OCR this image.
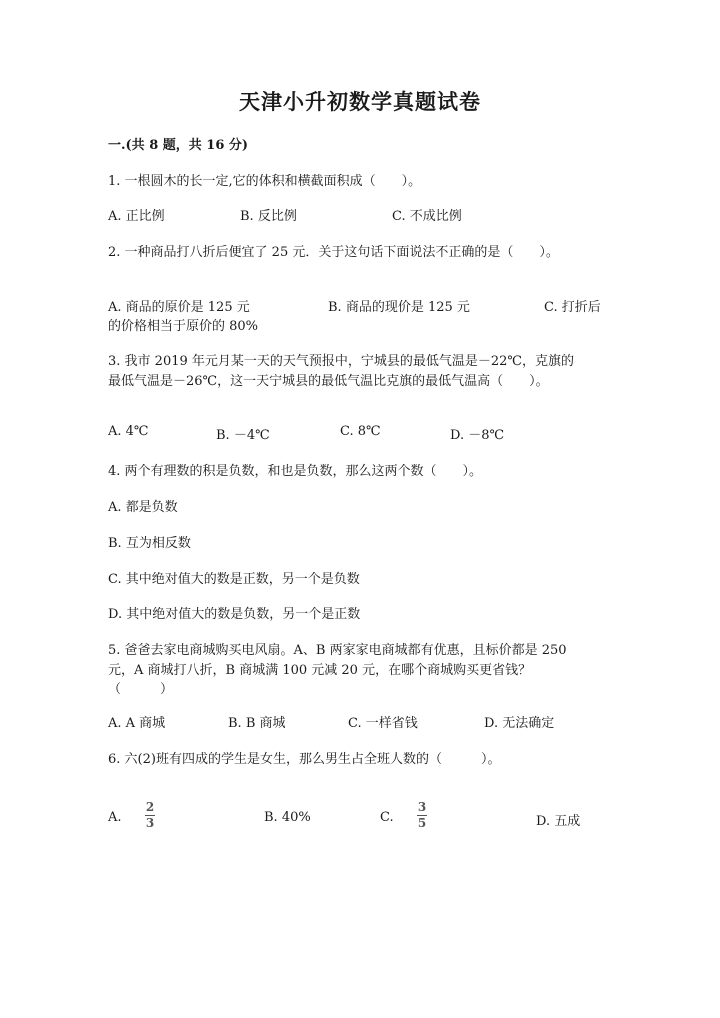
天津小升初数学真题试卷
一.(共 8 题，共 16 分)
1. 一根圆木的长一定,它的体积和横截面积成（　　）。
A. 正比例	B. 反比例	C. 不成比例
2. 一种商品打八折后便宜了 25 元．关于这句话下面说法不正确的是（　　）。
A. 商品的原价是 125 元	B. 商品的现价是 125 元	C. 打折后
的价格相当于原价的 80%
3. 我市 2019 年元月某一天的天气预报中，宁城县的最低气温是－22℃，克旗的
最低气温是－26℃，这一天宁城县的最低气温比克旗的最低气温高（　　）。
A. 4℃	B. －4℃	C. 8℃	D. －8℃
4. 两个有理数的积是负数，和也是负数，那么这两个数（　　）。
A. 都是负数
B. 互为相反数
C. 其中绝对值大的数是正数，另一个是负数
D. 其中绝对值大的数是负数，另一个是正数
5. 爸爸去家电商城购买电风扇。A、B 两家家电商城都有优惠，且标价都是 250
元，A 商城打八折，B 商城满 100 元减 20 元，在哪个商城购买更省钱？
（　　　）
A. A 商城	B. B 商城	C. 一样省钱	D. 无法确定
6. 六(2)班有四成的学生是女生，那么男生占全班人数的（　　　）。
A.
2
3	B. 40%	C.
3
5	D. 五成
